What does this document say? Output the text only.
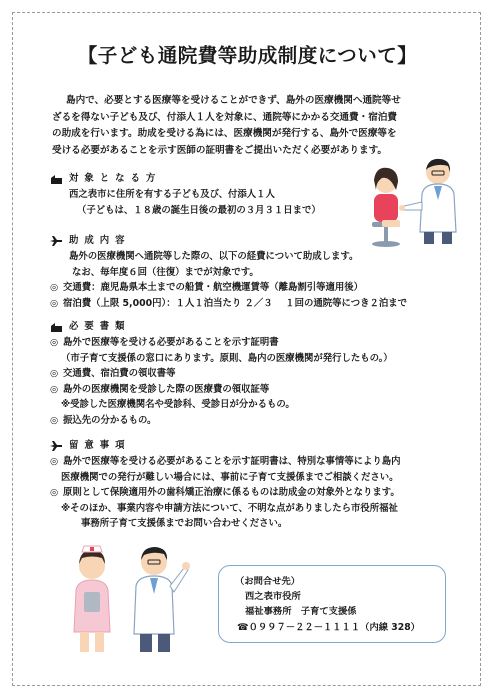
【子ども通院費等助成制度について】

島内で、必要とする医療等を受けることができず、島外の医療機関へ通院等せ

ざるを得ない子ども及び、付添人１人を対象に、通院等にかかる交通費・宿泊費

の助成を行います。助成を受ける為には、医療機関が発行する、島外で医療等を

受ける必要があることを示す医師の証明書をご提出いただく必要があります。

対象となる方

西之表市に住所を有する子ども及び、付添人１人

（子どもは、１８歳の誕生日後の最初の３月３１日まで）

助成内容

島外の医療機関へ通院等した際の、以下の経費について助成します。

なお、毎年度６回（往復）までが対象です。

◎ 交通費：鹿児島県本土までの船賃・航空機運賃等（離島割引等適用後）

◎ 宿泊費（上限 5,000円）：１人１泊当たり ２／３　 １回の通院等につき２泊まで

必要書類

◎ 島外で医療等を受ける必要があることを示す証明書

（市子育て支援係の窓口にあります。原則、島内の医療機関が発行したもの。）

◎ 交通費、宿泊費の領収書等

◎ 島外の医療機関を受診した際の医療費の領収証等

※受診した医療機関名や受診科、受診日が分かるもの。

◎ 振込先の分かるもの。

留意事項

◎ 島外で医療等を受ける必要があることを示す証明書は、特別な事情等により島内

医療機関での発行が難しい場合には、事前に子育て支援係までご相談ください。

◎ 原則として保険適用外の歯科矯正治療に係るものは助成金の対象外となります。

※そのほか、事業内容や申請方法について、不明な点がありましたら市役所福祉

事務所子育て支援係までお問い合わせください。

（お問合せ先）

西之表市役所

福祉事務所　子育て支援係

☎０９９７－２２－１１１１（内線 328）
